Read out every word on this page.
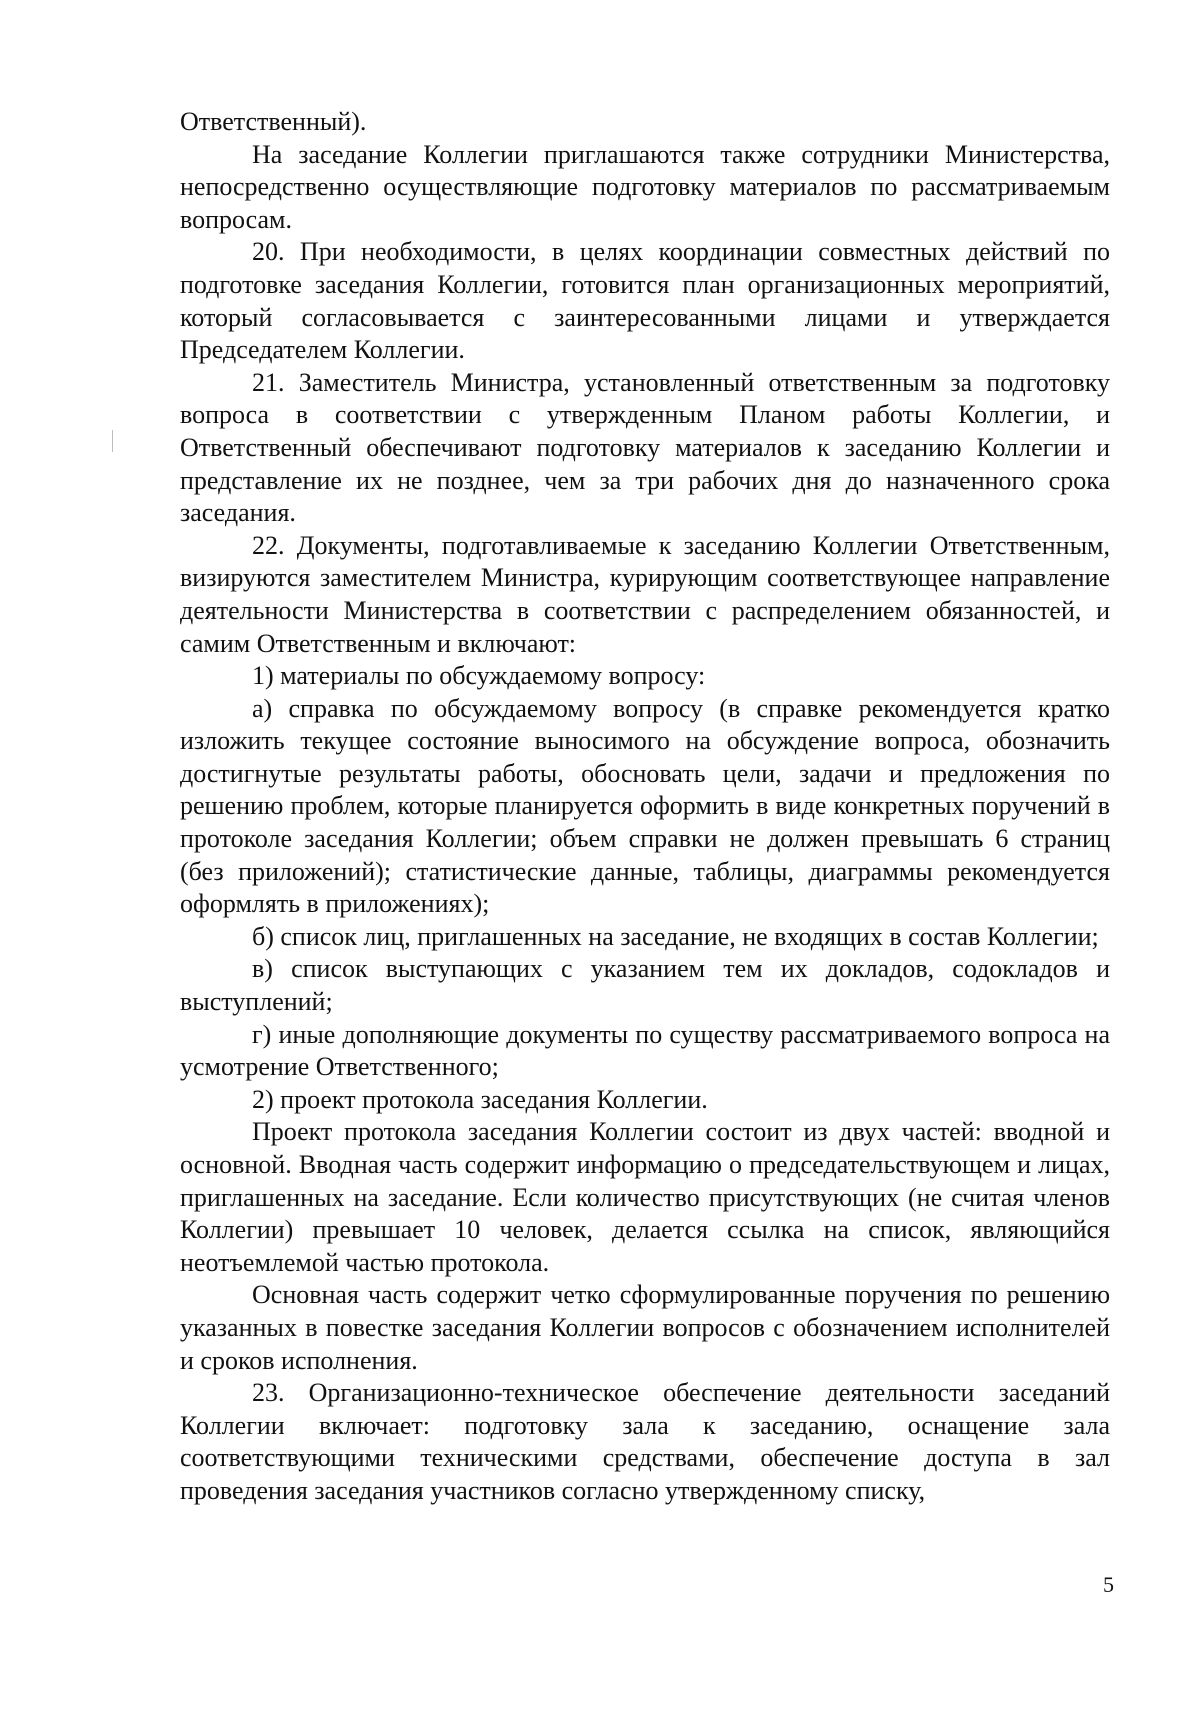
Ответственный).

На заседание Коллегии приглашаются также сотрудники Министерства, непосредственно осуществляющие подготовку материалов по рассматриваемым вопросам.

20. При необходимости, в целях координации совместных действий по подготовке заседания Коллегии, готовится план организационных мероприятий, который согласовывается с заинтересованными лицами и утверждается Председателем Коллегии.

21. Заместитель Министра, установленный ответственным за подготовку вопроса в соответствии с утвержденным Планом работы Коллегии, и Ответственный обеспечивают подготовку материалов к заседанию Коллегии и представление их не позднее, чем за три рабочих дня до назначенного срока заседания.

22. Документы, подготавливаемые к заседанию Коллегии Ответственным, визируются заместителем Министра, курирующим соответствующее направление деятельности Министерства в соответствии с распределением обязанностей, и самим Ответственным и включают:

1) материалы по обсуждаемому вопросу:

а) справка по обсуждаемому вопросу (в справке рекомендуется кратко изложить текущее состояние выносимого на обсуждение вопроса, обозначить достигнутые результаты работы, обосновать цели, задачи и предложения по решению проблем, которые планируется оформить в виде конкретных поручений в протоколе заседания Коллегии; объем справки не должен превышать 6 страниц (без приложений); статистические данные, таблицы, диаграммы рекомендуется оформлять в приложениях);

б) список лиц, приглашенных на заседание, не входящих в состав Коллегии;

в) список выступающих с указанием тем их докладов, содокладов и выступлений;

г) иные дополняющие документы по существу рассматриваемого вопроса на усмотрение Ответственного;

2) проект протокола заседания Коллегии.

Проект протокола заседания Коллегии состоит из двух частей: вводной и основной. Вводная часть содержит информацию о председательствующем и лицах, приглашенных на заседание. Если количество присутствующих (не считая членов Коллегии) превышает 10 человек, делается ссылка на список, являющийся неотъемлемой частью протокола.

Основная часть содержит четко сформулированные поручения по решению указанных в повестке заседания Коллегии вопросов с обозначением исполнителей и сроков исполнения.

23. Организационно-техническое обеспечение деятельности заседаний Коллегии включает: подготовку зала к заседанию, оснащение зала соответствующими техническими средствами, обеспечение доступа в зал проведения заседания участников согласно утвержденному списку,

5
